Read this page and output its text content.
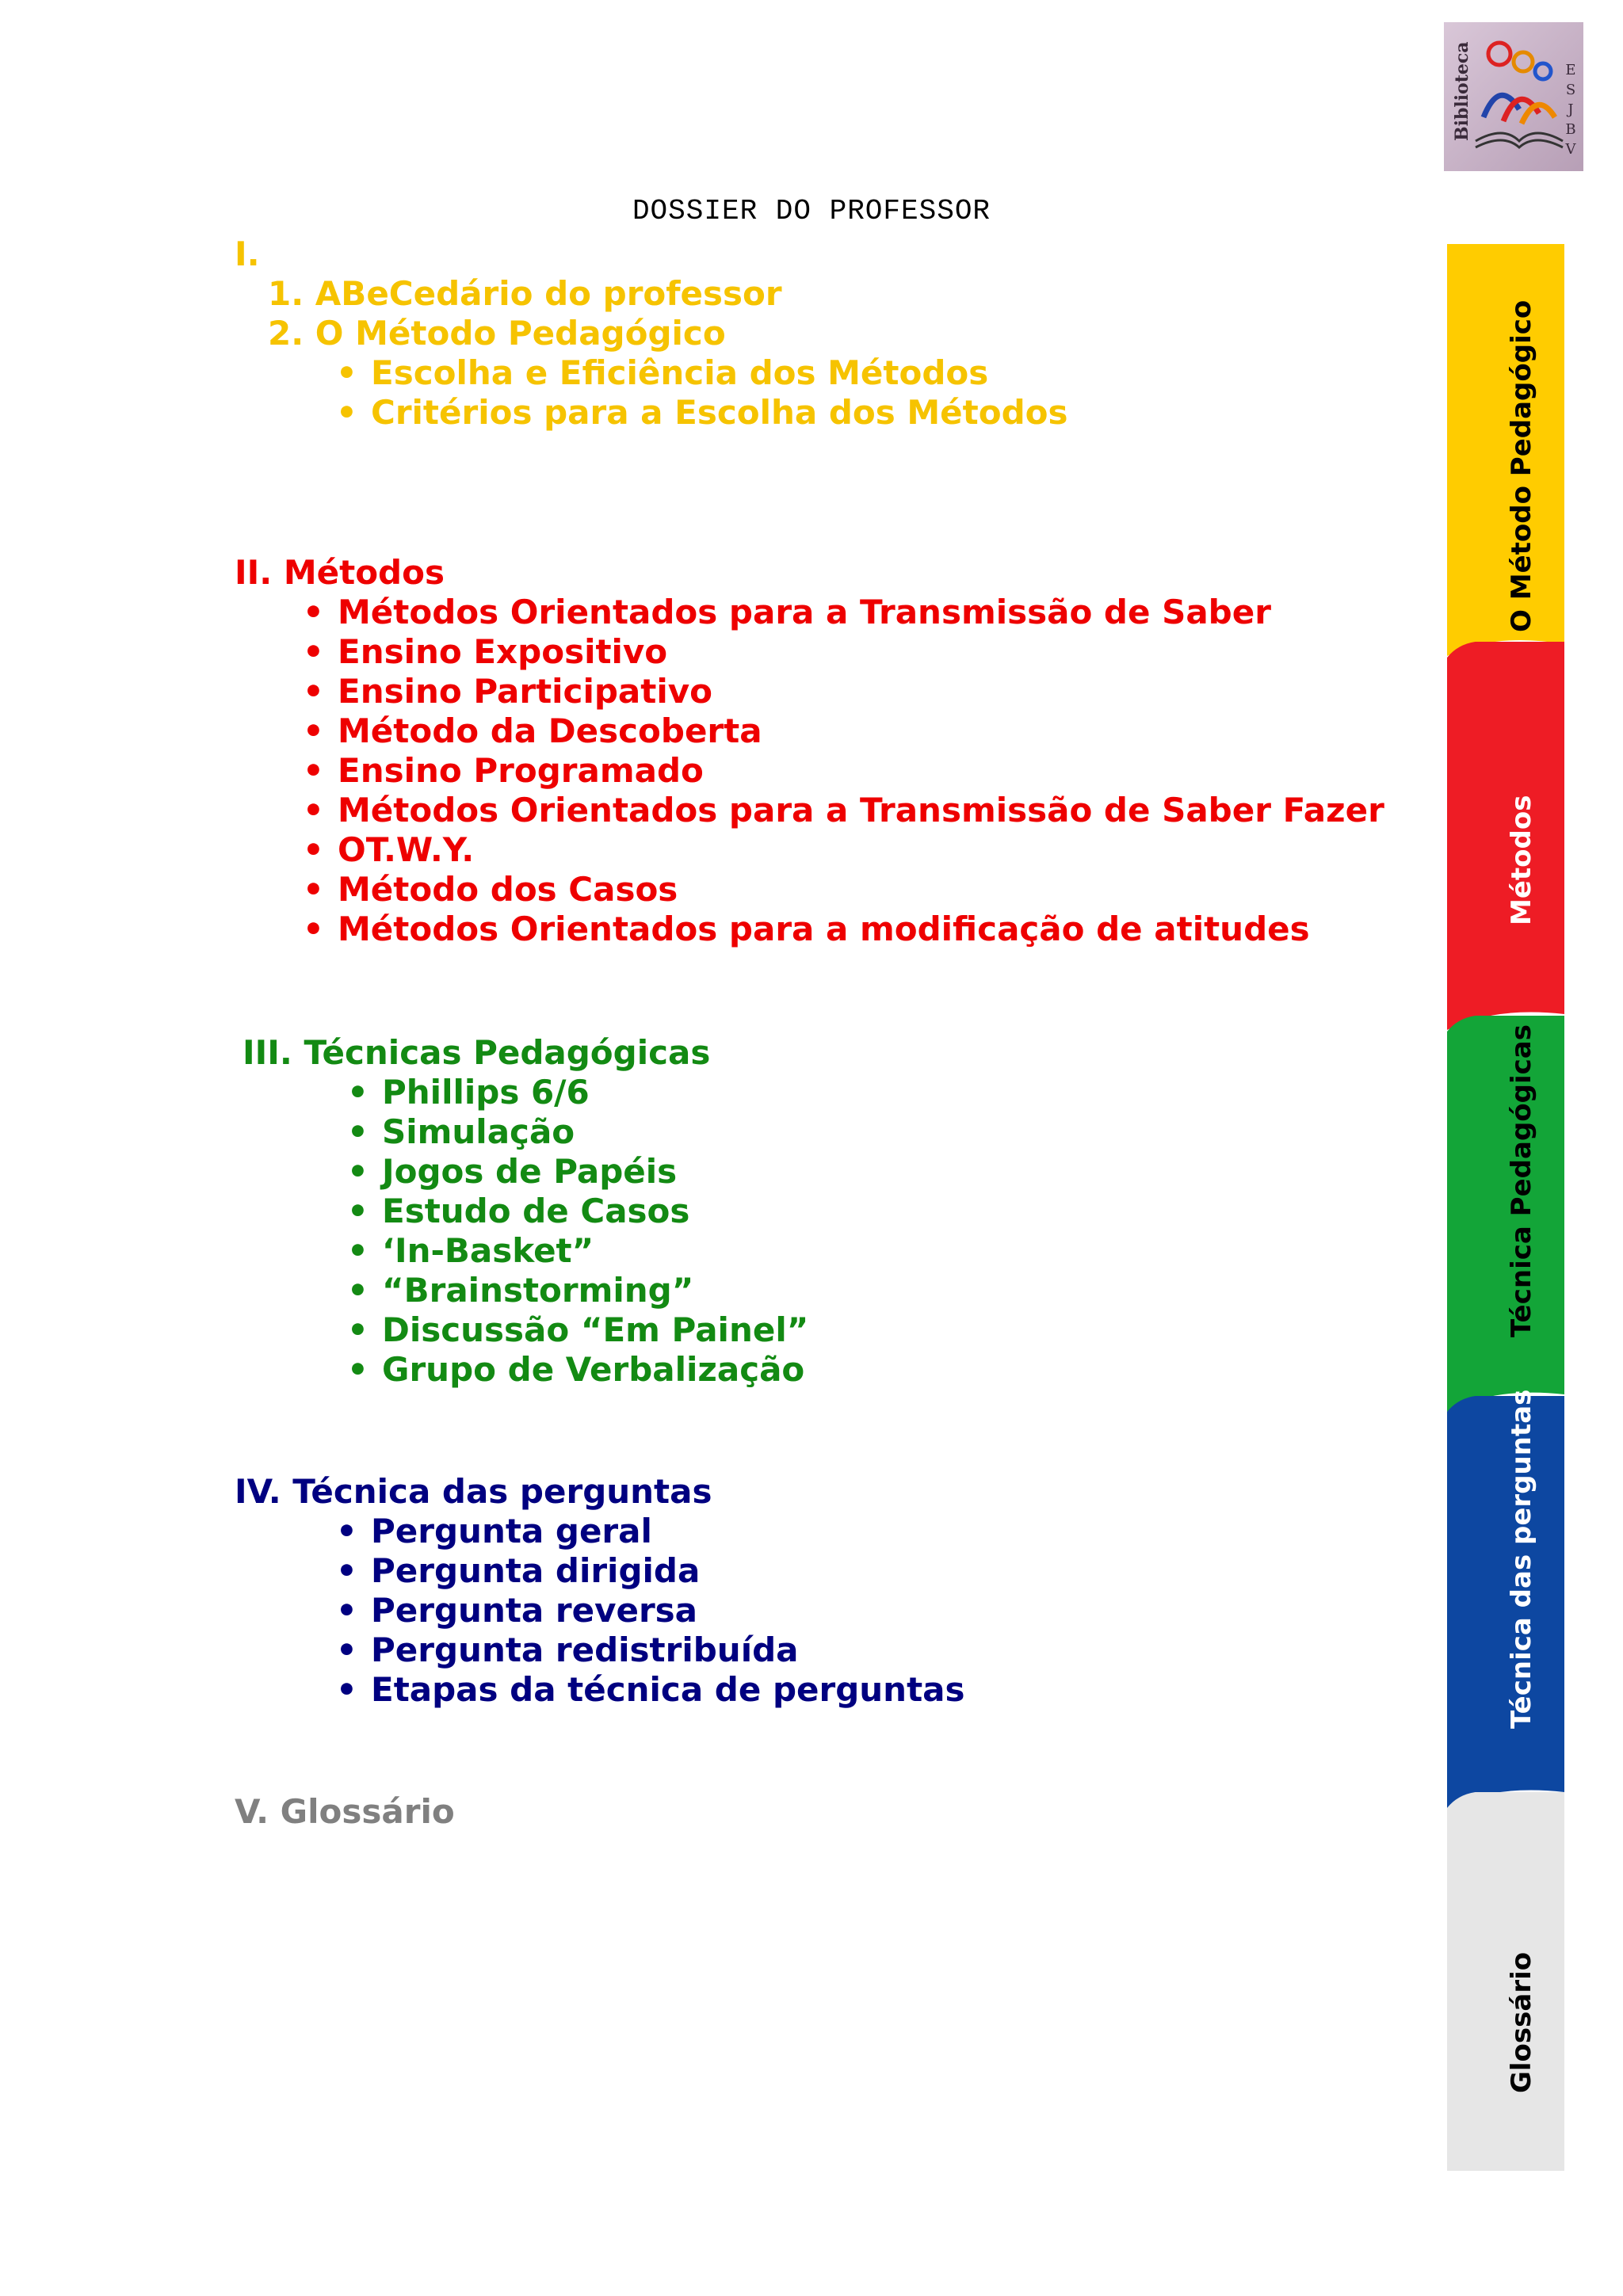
DOSSIER DO PROFESSOR
Biblioteca	E
S
J
B
V
I.
1. ABeCedário do professor
2. O Método Pedagógico
• Escolha e Eficiência dos Métodos
• Critérios para a Escolha dos Métodos
II. Métodos
• Métodos Orientados para a Transmissão de Saber
• Ensino Expositivo
• Ensino Participativo
• Método da Descoberta
• Ensino Programado
• Métodos Orientados para a Transmissão de Saber Fazer
• OT.W.Y.
• Método dos Casos
• Métodos Orientados para a modificação de atitudes
III. Técnicas Pedagógicas
• Phillips 6/6
• Simulação
• Jogos de Papéis
• Estudo de Casos
• ‘In-Basket”
• “Brainstorming”
• Discussão “Em Painel”
• Grupo de Verbalização
IV. Técnica das perguntas
• Pergunta geral
• Pergunta dirigida
• Pergunta reversa
• Pergunta redistribuída
• Etapas da técnica de perguntas
V. Glossário
O Método Pedagógico
Métodos
Técnica Pedagógicas
Técnica das perguntas
Glossário
